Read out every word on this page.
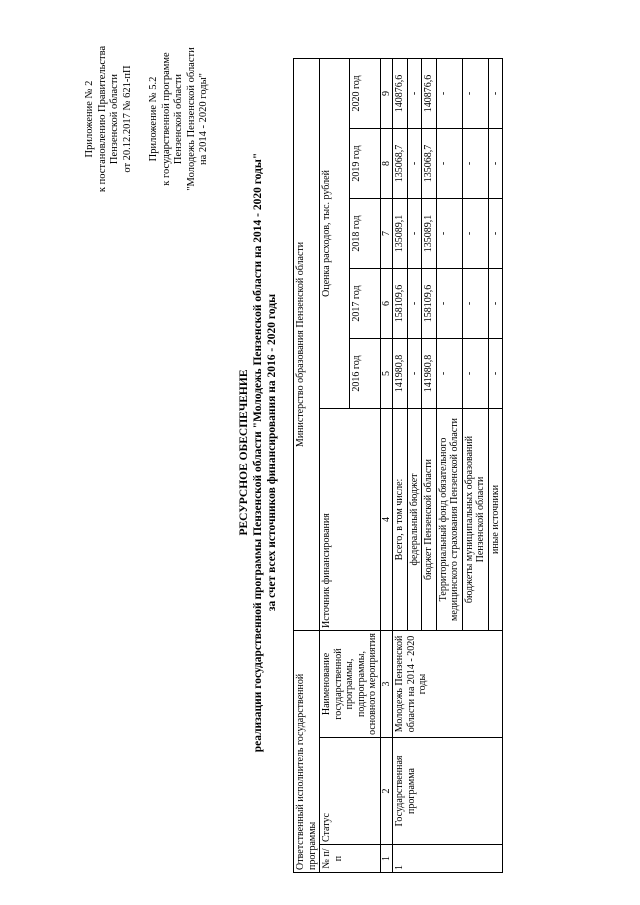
Приложение № 2 к постановлению Правительства Пензенской области от 20.12.2017 № 621-пП Приложение № 5.2 к государственной программе Пензенской области "Молодежь Пензенской области на 2014 - 2020 годы"
РЕСУРСНОЕ ОБЕСПЕЧЕНИЕ реализации государственной программы Пензенской области "Молодежь Пензенской области на 2014 - 2020 годы" за счет всех источников финансирования на 2016 - 2020 годы
Ответственный исполнитель государственной программы			Министерство образования Пензенской области					
№ п/п	Статус	Наименование государственной программы, подпрограммы, основного мероприятия	Источник финансирования	Оценка расходов, тыс. рублей				
				2016 год	2017 год	2018 год	2019 год	2020 год
1	2	3	4	5	6	7	8	9
1	Государственная программа	Молодежь Пензенской области на 2014 - 2020 годы	Всего, в том числе:	141980,8	158109,6	135089,1	135068,7	140876,6
			федеральный бюджет	-	-	-	-	-
			бюджет Пензенской области	141980,8	158109,6	135089,1	135068,7	140876,6
			Территориальный фонд обязательного медицинского страхования Пензенской области	-	-	-	-	-
			бюджеты муниципальных образований Пензенской области	-	-	-	-	-
			иные источники	-	-	-	-	-
